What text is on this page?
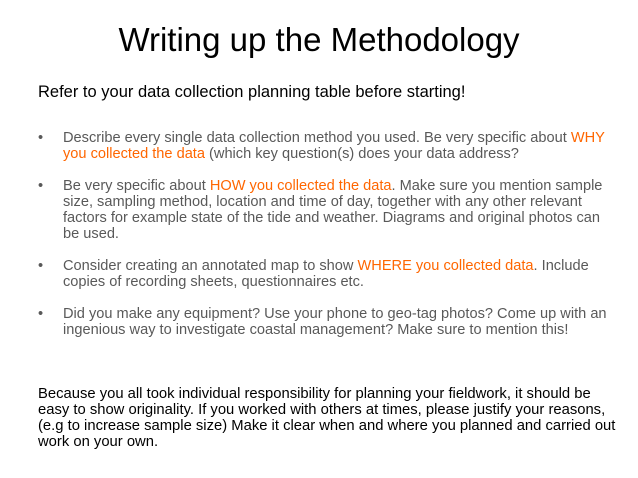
Writing up the Methodology

Refer to your data collection planning table before starting!

• Describe every single data collection method you used. Be very specific about WHY you collected the data (which key question(s) does your data address?
• Be very specific about HOW you collected the data. Make sure you mention sample size, sampling method, location and time of day, together with any other relevant factors for example state of the tide and weather. Diagrams and original photos can be used.
• Consider creating an annotated map to show WHERE you collected data. Include copies of recording sheets, questionnaires etc.
• Did you make any equipment? Use your phone to geo-tag photos? Come up with an ingenious way to investigate coastal management? Make sure to mention this!

Because you all took individual responsibility for planning your fieldwork, it should be easy to show originality. If you worked with others at times, please justify your reasons, (e.g to increase sample size) Make it clear when and where you planned and carried out work on your own.
